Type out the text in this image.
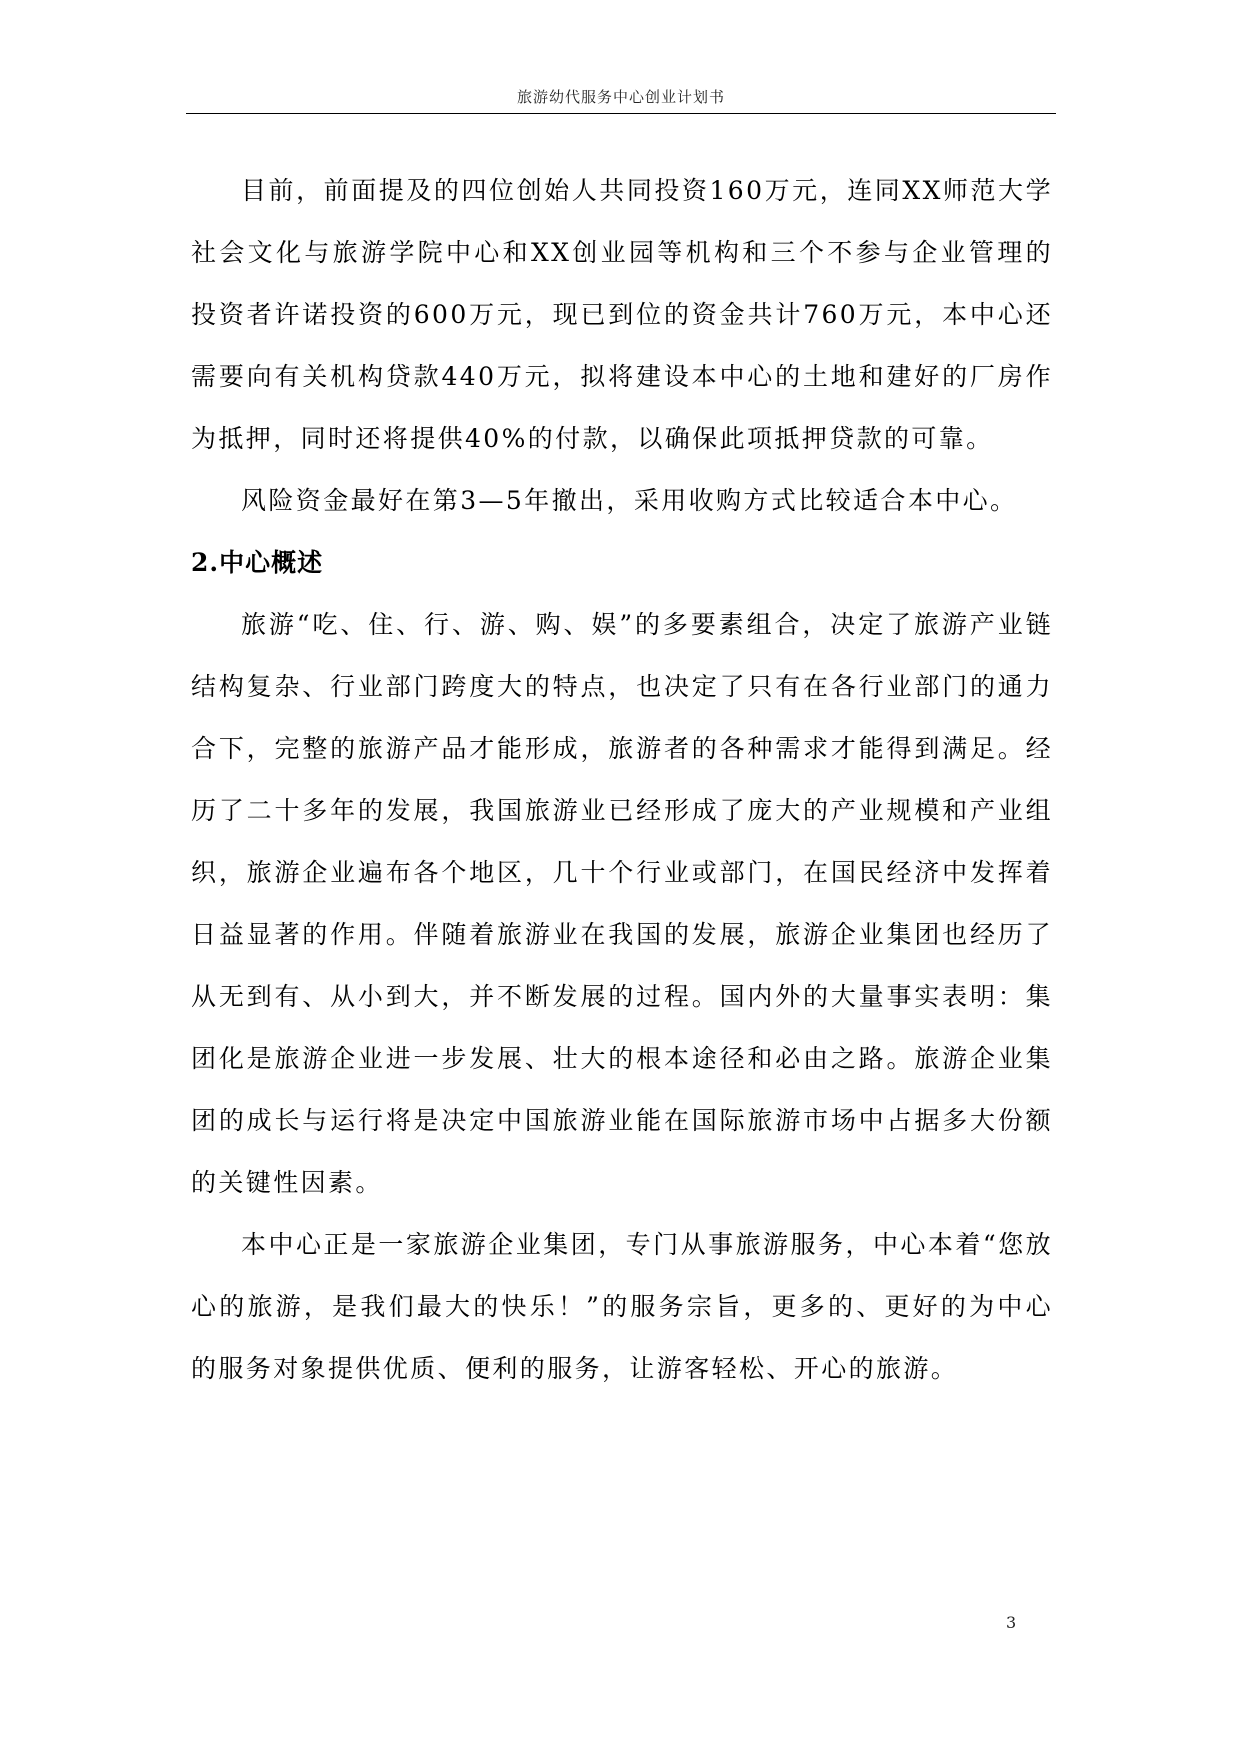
旅游幼代服务中心创业计划书

目前，前面提及的四位创始人共同投资160万元，连同XX师范大学社会文化与旅游学院中心和XX创业园等机构和三个不参与企业管理的投资者许诺投资的600万元，现已到位的资金共计760万元，本中心还需要向有关机构贷款440万元，拟将建设本中心的土地和建好的厂房作为抵押，同时还将提供40%的付款，以确保此项抵押贷款的可靠。

风险资金最好在第3—5年撤出，采用收购方式比较适合本中心。

2.中心概述

旅游“吃、住、行、游、购、娱”的多要素组合，决定了旅游产业链结构复杂、行业部门跨度大的特点，也决定了只有在各行业部门的通力合下，完整的旅游产品才能形成，旅游者的各种需求才能得到满足。经历了二十多年的发展，我国旅游业已经形成了庞大的产业规模和产业组织，旅游企业遍布各个地区，几十个行业或部门，在国民经济中发挥着日益显著的作用。伴随着旅游业在我国的发展，旅游企业集团也经历了从无到有、从小到大，并不断发展的过程。国内外的大量事实表明：集团化是旅游企业进一步发展、壮大的根本途径和必由之路。旅游企业集团的成长与运行将是决定中国旅游业能在国际旅游市场中占据多大份额的关键性因素。

本中心正是一家旅游企业集团，专门从事旅游服务，中心本着“您放心的旅游，是我们最大的快乐！”的服务宗旨，更多的、更好的为中心的服务对象提供优质、便利的服务，让游客轻松、开心的旅游。

3
